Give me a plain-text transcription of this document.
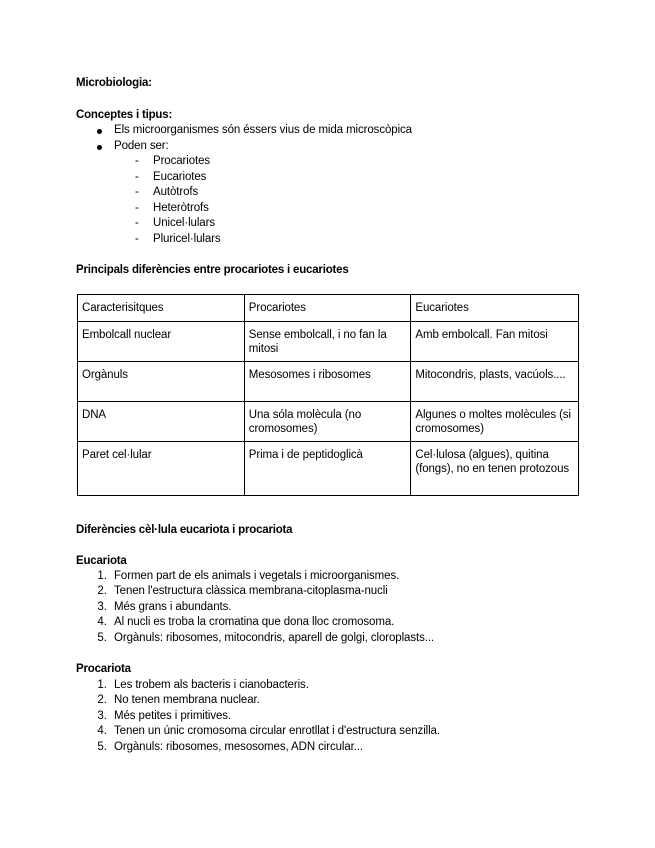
Microbiologia:
Conceptes i tipus:
Els microorganismes són éssers vius de mida microscòpica
Poden ser:
- Procariotes
- Eucariotes
- Autòtrofs
- Heteròtrofs
- Unicel·lulars
- Pluricel·lulars
Principals diferències entre procariotes i eucariotes
Caracterisitques	Procariotes	Eucariotes
Embolcall nuclear	Sense embolcall, i no fan la mitosi	Amb embolcall. Fan mitosi
Orgànuls	Mesosomes i ribosomes	Mitocondris, plasts, vacúols....
DNA	Una sóla molècula (no cromosomes)	Algunes o moltes molècules (si cromosomes)
Paret cel·lular	Prima i de peptidoglicà	Cel·lulosa (algues), quitina (fongs), no en tenen protozous
Diferències cèl·lula eucariota i procariota
Eucariota
1. Formen part de els animals i vegetals i microorganismes.
2. Tenen l'estructura clàssica membrana-citoplasma-nucli
3. Més grans i abundants.
4. Al nucli es troba la cromatina que dona lloc cromosoma.
5. Orgànuls: ribosomes, mitocondris, aparell de golgi, cloroplasts...
Procariota
1. Les trobem als bacteris i cianobacteris.
2. No tenen membrana nuclear.
3. Més petites i primitives.
4. Tenen un únic cromosoma circular enrotllat i d'estructura senzilla.
5. Orgànuls: ribosomes, mesosomes, ADN circular...
